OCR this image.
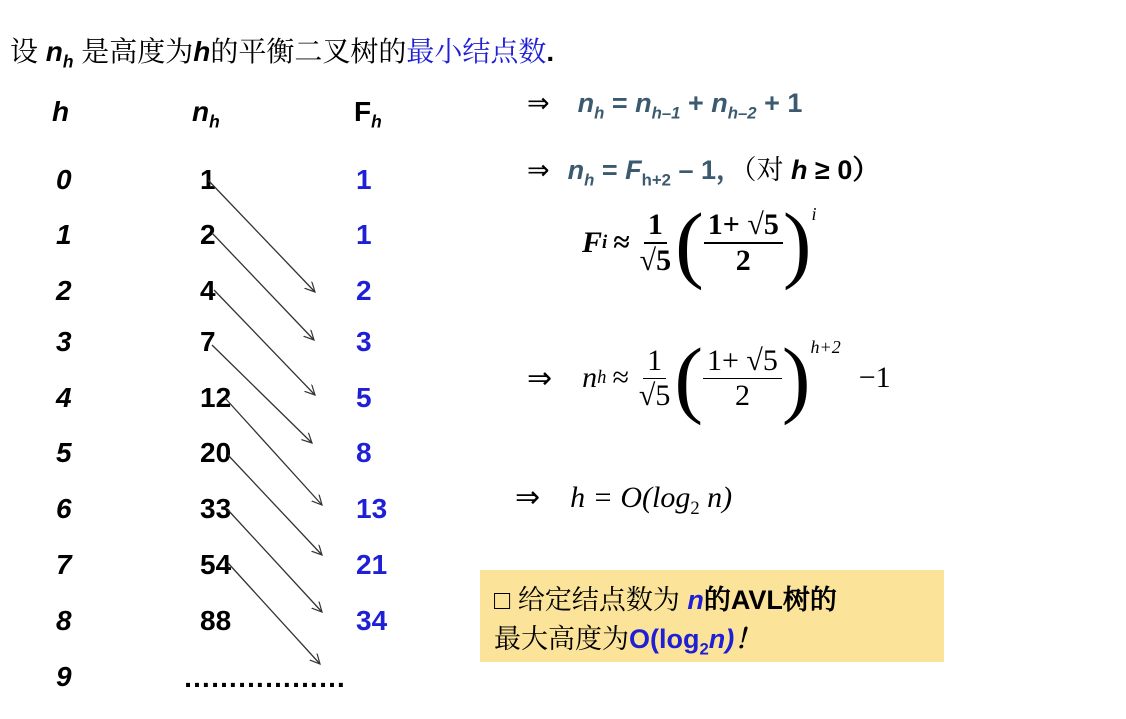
设 $n_h$ 是高度为h的平衡二叉树的最小结点数.
h	$n_h$	$F_h$
0
1
2
3
4
5
6
7
8
9
1
2
4
7
12
20
33
54
88
1
1
2
3
5
8
13
21
34
………………
⇒ $n_h = n_{h-1} + n_{h-2} + 1$
⇒ $n_h = F_{h+2} - 1$，（对 h ≥ 0）
F $i \approx \frac{1}{√5}$ ( $\frac{1+ √5}{2} )^i$
⇒ n $h \approx \frac{1}{√5}$ ( $\frac{1+ √5}{2} )^{h+2}$
−1
⇒ $h = O(\log_2$ n)
□ 给定结点数为 n的AVL树的
最大高度为$O(\log_2n)$！
